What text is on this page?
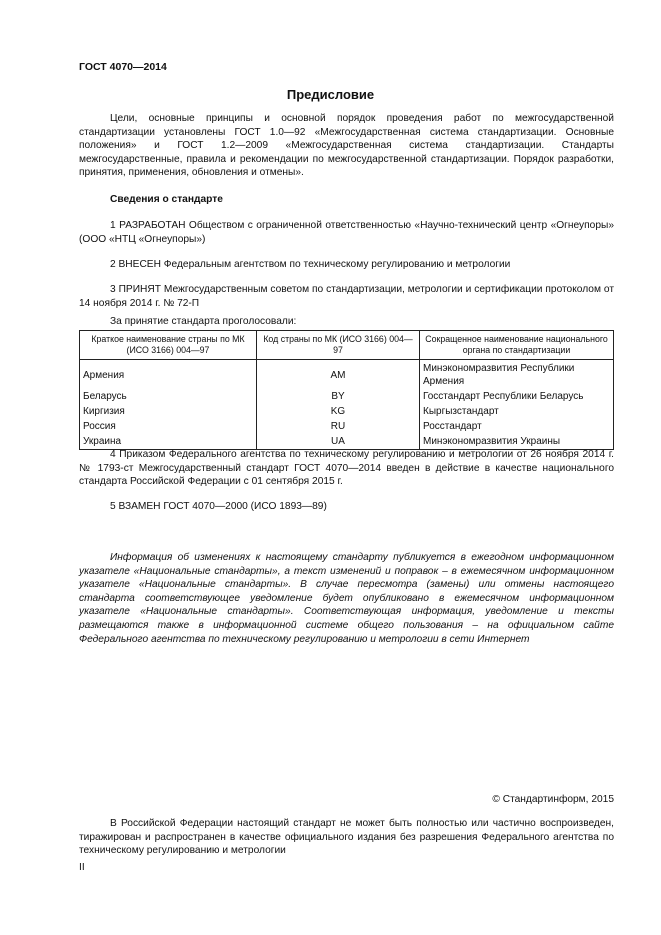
ГОСТ 4070—2014
Предисловие

Цели, основные принципы и основной порядок проведения работ по межгосударственной стандартизации установлены ГОСТ 1.0—92 «Межгосударственная система стандартизации. Основные положения» и ГОСТ 1.2—2009 «Межгосударственная система стандартизации. Стандарты межгосударственные, правила и рекомендации по межгосударственной стандартизации. Порядок разработки, принятия, применения, обновления и отмены».

Сведения о стандарте

1 РАЗРАБОТАН Обществом с ограниченной ответственностью «Научно-технический центр «Огнеупоры» (ООО «НТЦ «Огнеупоры»)

2 ВНЕСЕН Федеральным агентством по техническому регулированию и метрологии

3 ПРИНЯТ Межгосударственным советом по стандартизации, метрологии и сертификации протоколом от 14 ноября 2014 г. № 72-П

За принятие стандарта проголосовали:
Краткое наименование страны по МК (ИСО 3166) 004—97	Код страны по МК (ИСО 3166) 004—97	Сокращенное наименование национального органа по стандартизации
Армения	AM	Минэкономразвития Республики Армения
Беларусь	BY	Госстандарт Республики Беларусь
Киргизия	KG	Кыргызстандарт
Россия	RU	Росстандарт
Украина	UA	Минэкономразвития Украины

4 Приказом Федерального агентства по техническому регулированию и метрологии от 26 ноября 2014 г. № 1793-ст Межгосударственный стандарт ГОСТ 4070—2014 введен в действие в качестве национального стандарта Российской Федерации с 01 сентября 2015 г.

5 ВЗАМЕН ГОСТ 4070—2000 (ИСО 1893—89)

Информация об изменениях к настоящему стандарту публикуется в ежегодном информационном указателе «Национальные стандарты», а текст изменений и поправок – в ежемесячном информационном указателе «Национальные стандарты». В случае пересмотра (замены) или отмены настоящего стандарта соответствующее уведомление будет опубликовано в ежемесячном информационном указателе «Национальные стандарты». Соответствующая информация, уведомление и тексты размещаются также в информационной системе общего пользования – на официальном сайте Федерального агентства по техническому регулированию и метрологии в сети Интернет

© Стандартинформ, 2015

В Российской Федерации настоящий стандарт не может быть полностью или частично воспроизведен, тиражирован и распространен в качестве официального издания без разрешения Федерального агентства по техническому регулированию и метрологии

II
